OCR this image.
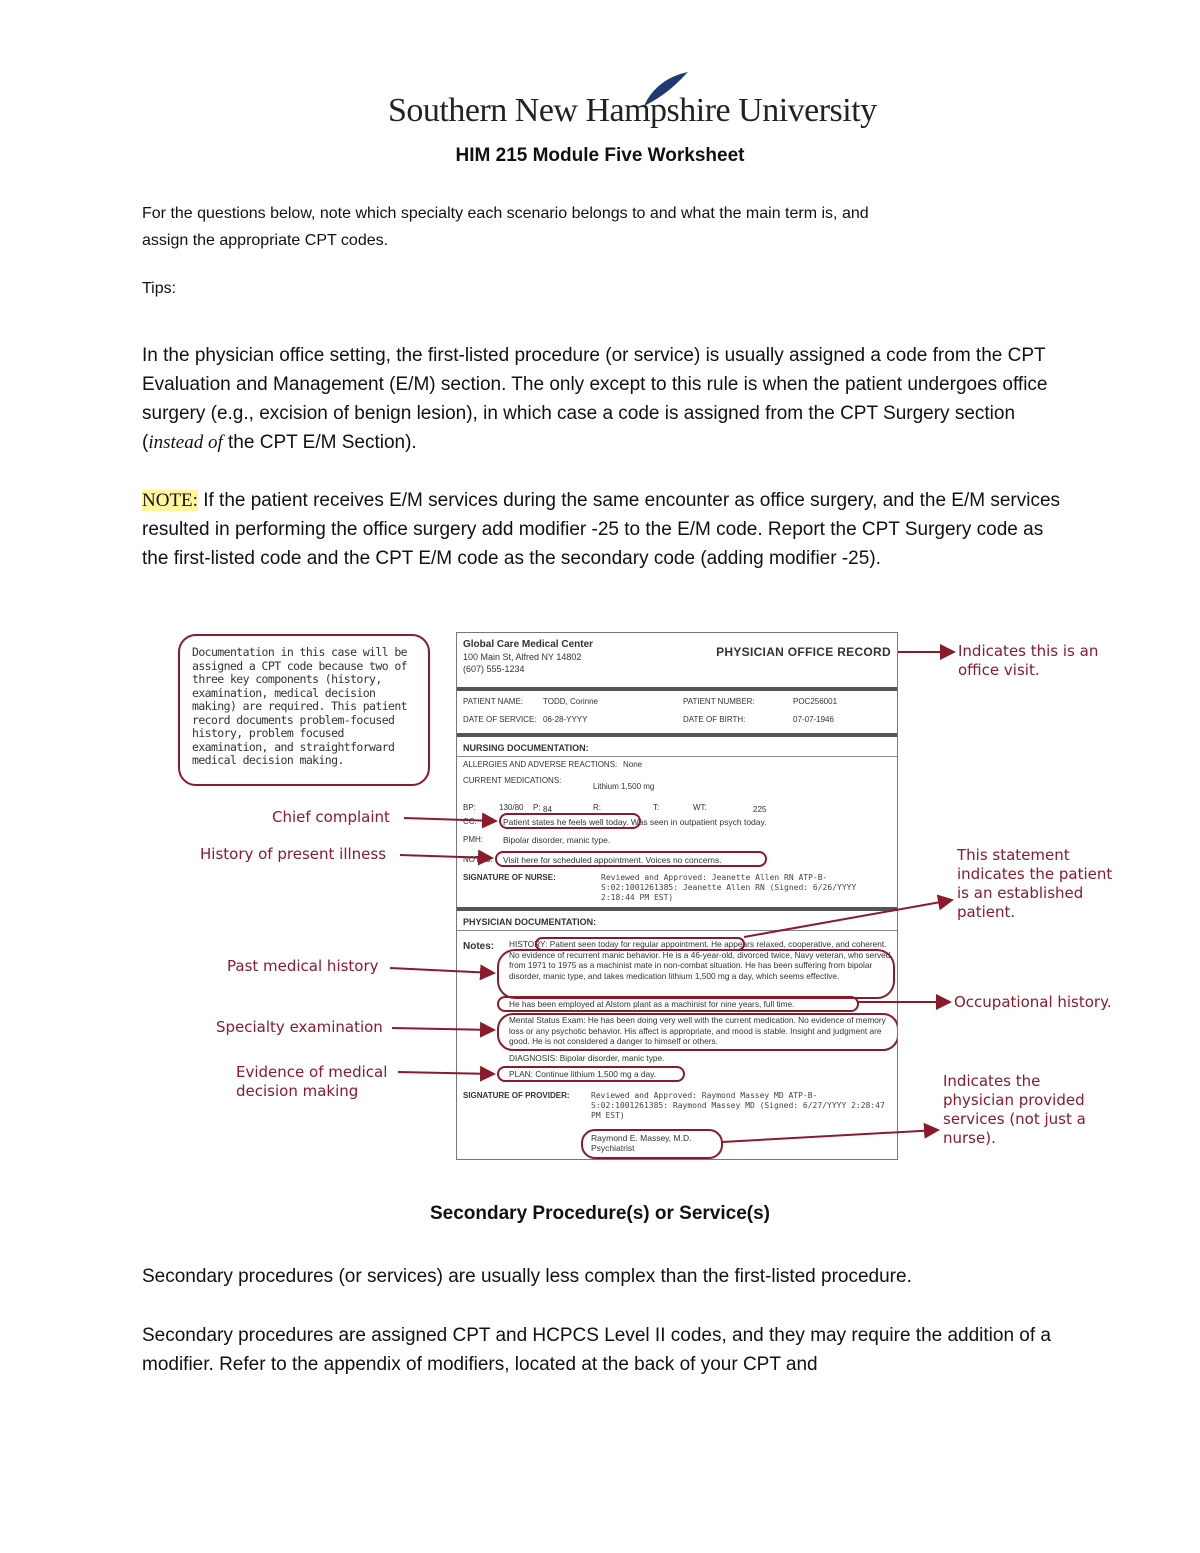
Southern New Hampshire University
HIM 215 Module Five Worksheet
For the questions below, note which specialty each scenario belongs to and what the main term is, and
assign the appropriate CPT codes.
Tips:
In the physician office setting, the first-listed procedure (or service) is usually assigned a code from the CPT Evaluation and Management (E/M) section. The only except to this rule is when the patient undergoes office surgery (e.g., excision of benign lesion), in which case a code is assigned from the CPT Surgery section (instead of the CPT E/M Section).
NOTE: If the patient receives E/M services during the same encounter as office surgery, and the E/M services resulted in performing the office surgery add modifier -25 to the E/M code. Report the CPT Surgery code as the first-listed code and the CPT E/M code as the secondary code (adding modifier -25).
Documentation in this case will be assigned a CPT code because two of three key components (history, examination, medical decision making) are required. This patient record documents problem-focused history, problem focused examination, and straightforward medical decision making.
Global Care Medical Center
100 Main St, Alfred NY 14802
(607) 555-1234
PHYSICIAN OFFICE RECORD
PATIENT NAME: TODD, Corinne	PATIENT NUMBER:	POC256001
DATE OF SERVICE: 06-28-YYYY	DATE OF BIRTH:	07-07-1946
NURSING DOCUMENTATION:
ALLERGIES AND ADVERSE REACTIONS: None
CURRENT MEDICATIONS:
Lithium 1,500 mg
BP:	130/80 P: 84	R:	T:	WT:	225
CC:	Patient states he feels well today. Was seen in outpatient psych today.
PMH: Bipolar disorder, manic type.
NOTES: Visit here for scheduled appointment. Voices no concerns.
SIGNATURE OF NURSE:	Reviewed and Approved: Jeanette Allen RN ATP-B-S:02:1001261385: Jeanette Allen RN (Signed: 6/26/YYYY 2:18:44 PM EST)
PHYSICIAN DOCUMENTATION:
Notes: HISTORY: Patient seen today for regular appointment. He appears relaxed, cooperative, and coherent. No evidence of recurrent manic behavior. He is a 46-year-old, divorced twice, Navy veteran, who served from 1971 to 1975 as a machinist mate in non-combat situation. He has been suffering from bipolar disorder, manic type, and takes medication lithium 1,500 mg a day, which seems effective.
He has been employed at Alstom plant as a machinist for nine years, full time.
Mental Status Exam: He has been doing very well with the current medication. No evidence of memory loss or any psychotic behavior. His affect is appropriate, and mood is stable. Insight and judgment are good. He is not considered a danger to himself or others.
DIAGNOSIS: Bipolar disorder, manic type.
PLAN: Continue lithium 1,500 mg a day.
SIGNATURE OF PROVIDER:	Reviewed and Approved: Raymond Massey MD ATP-B-S:02:1001261385: Raymond Massey MD (Signed: 6/27/YYYY 2:28:47 PM EST)
Raymond E. Massey, M.D.
Psychiatrist
Indicates this is an office visit.
Chief complaint
History of present illness	This statement indicates the patient is an established patient.
Past medical history
Occupational history.
Specialty examination
Evidence of medical decision making
Indicates the physician provided services (not just a nurse).
Secondary Procedure(s) or Service(s)
Secondary procedures (or services) are usually less complex than the first-listed procedure.
Secondary procedures are assigned CPT and HCPCS Level II codes, and they may require the addition of a modifier. Refer to the appendix of modifiers, located at the back of your CPT and
